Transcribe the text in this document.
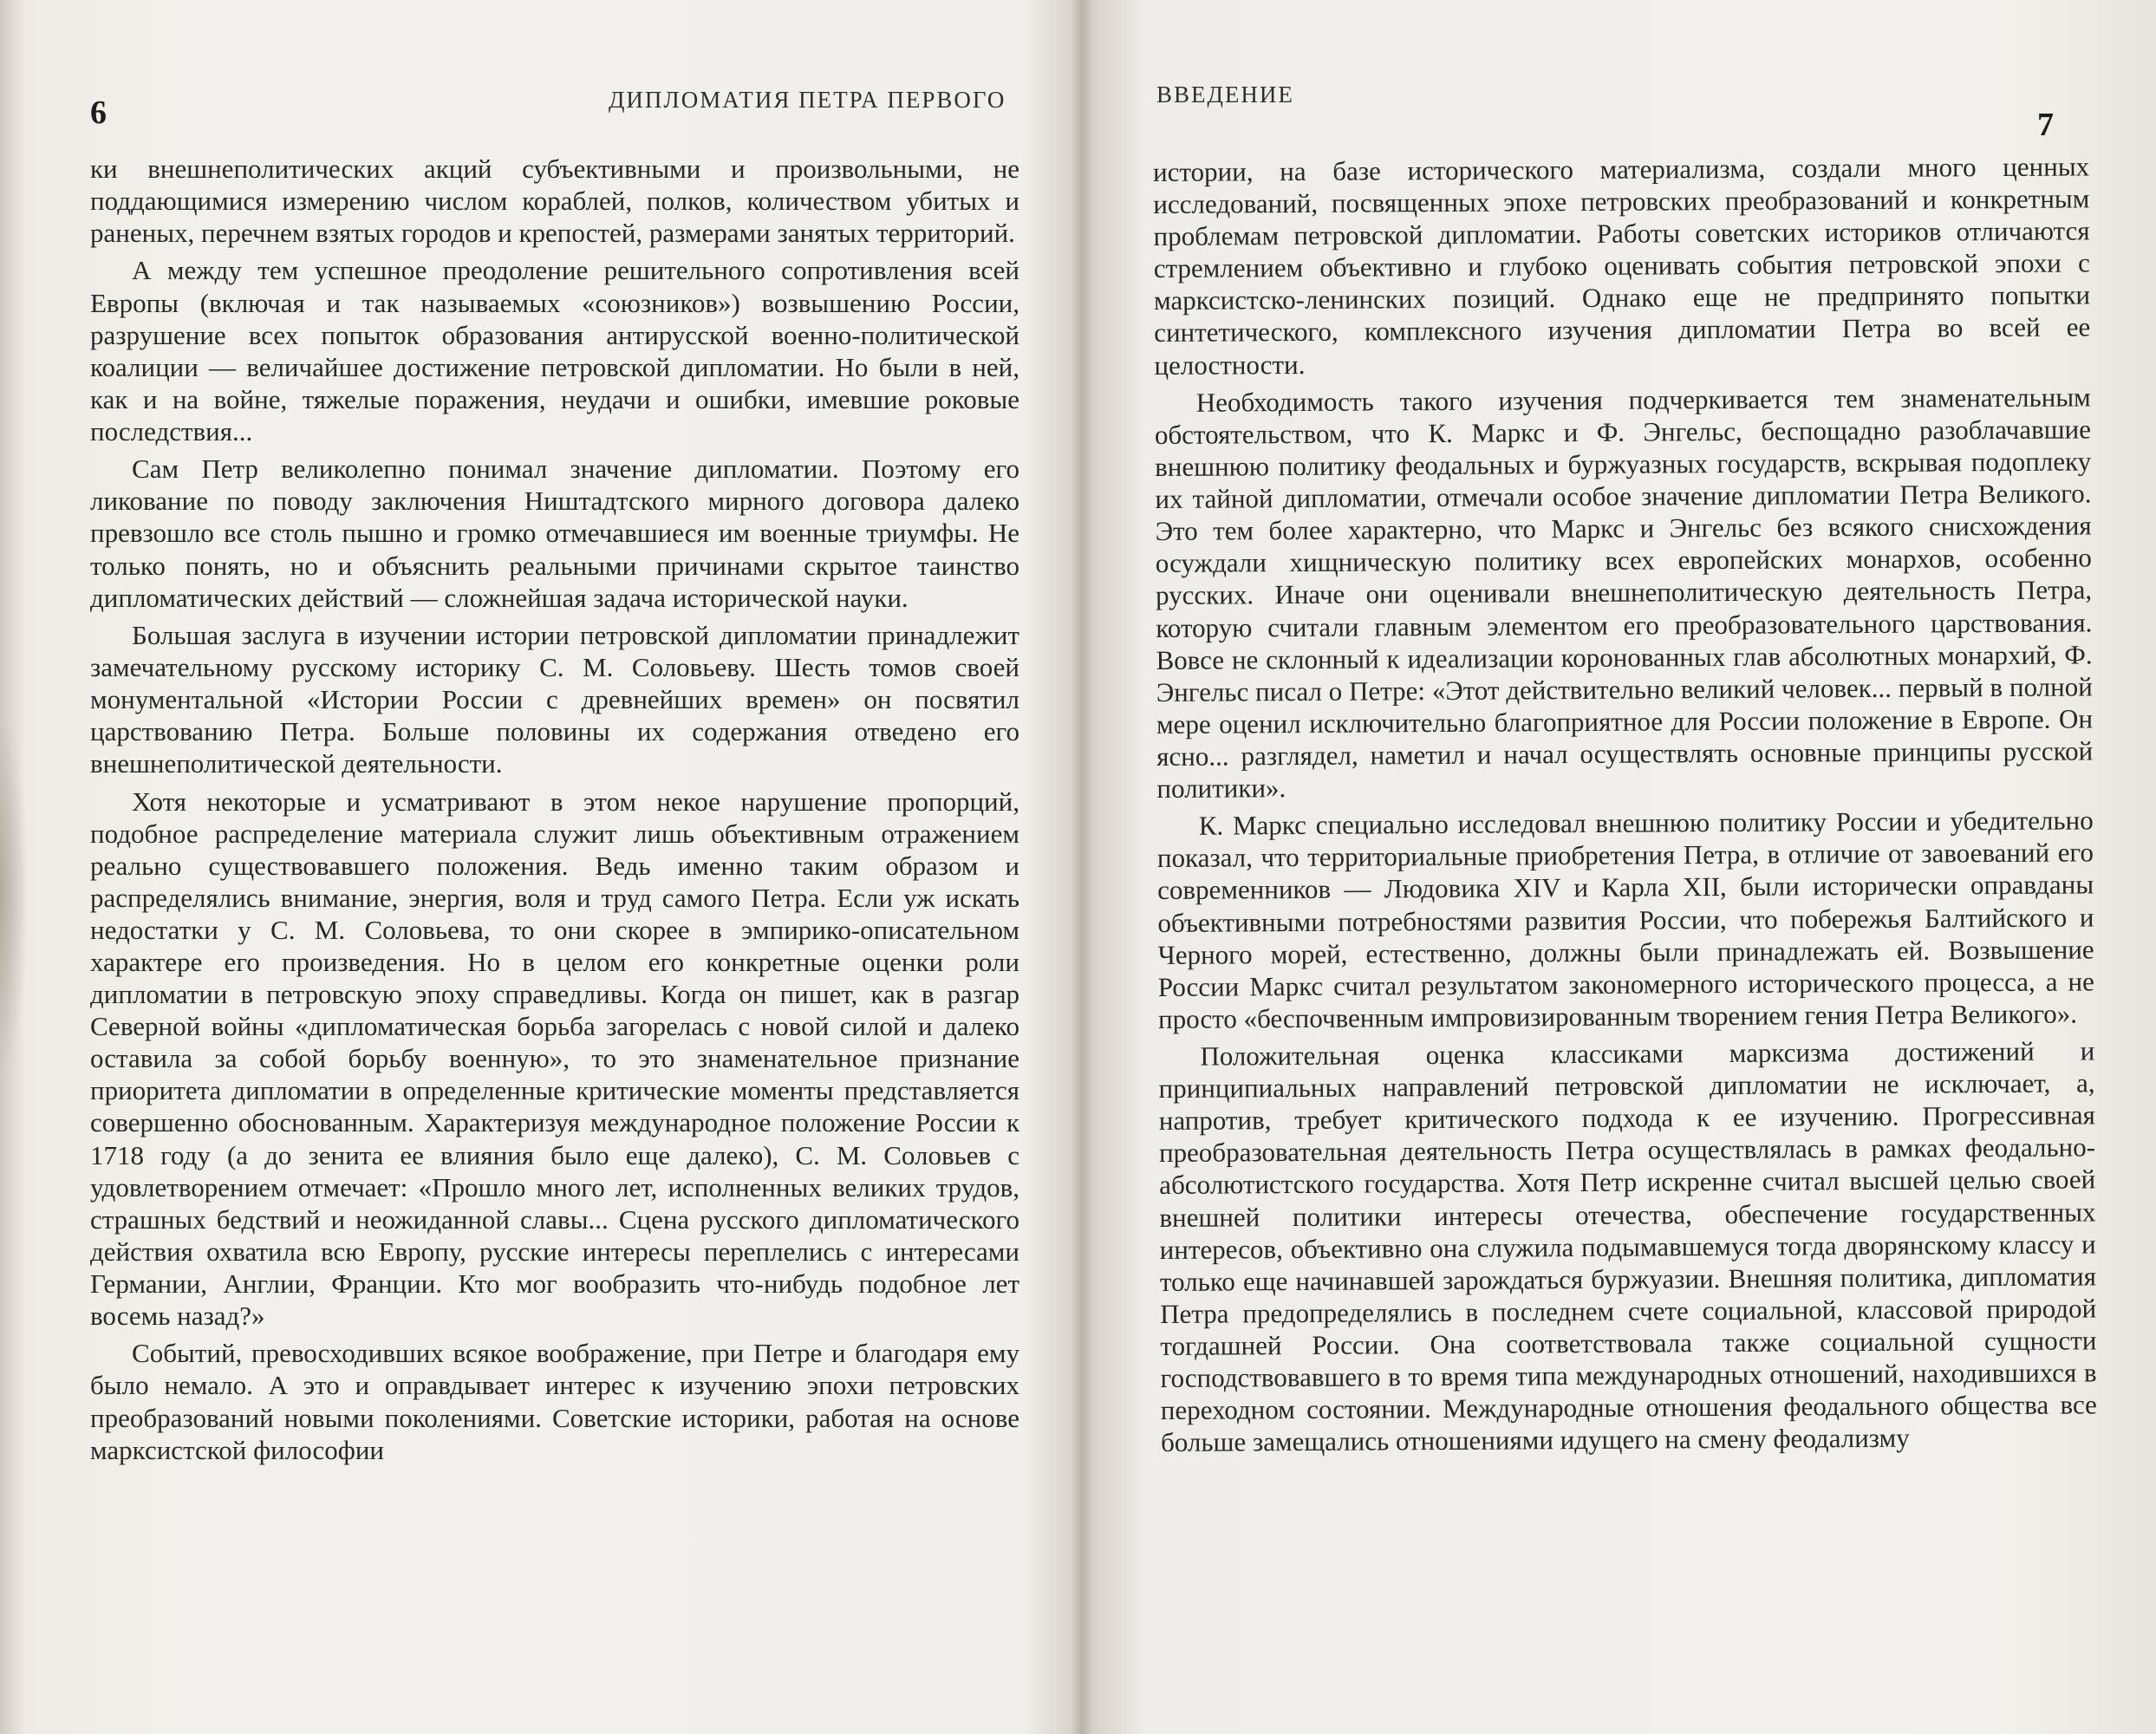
6	ДИПЛОМАТИЯ ПЕТРА ПЕРВОГО

ки внешнеполитических акций субъективными и произвольными, не поддающимися измерению числом кораблей, полков, количеством убитых и раненых, перечнем взятых городов и крепостей, размерами занятых территорий.

А между тем успешное преодоление решительного сопротивления всей Европы (включая и так называемых «союзников») возвышению России, разрушение всех попыток образования антирусской военно-политической коалиции — величайшее достижение петровской дипломатии. Но были в ней, как и на войне, тяжелые поражения, неудачи и ошибки, имевшие роковые последствия...

Сам Петр великолепно понимал значение дипломатии. Поэтому его ликование по поводу заключения Ништадтского мирного договора далеко превзошло все столь пышно и громко отмечавшиеся им военные триумфы. Не только понять, но и объяснить реальными причинами скрытое таинство дипломатических действий — сложнейшая задача исторической науки.

Большая заслуга в изучении истории петровской дипломатии принадлежит замечательному русскому историку С. М. Соловьеву. Шесть томов своей монументальной «Истории России с древнейших времен» он посвятил царствованию Петра. Больше половины их содержания отведено его внешнеполитической деятельности.

Хотя некоторые и усматривают в этом некое нарушение пропорций, подобное распределение материала служит лишь объективным отражением реально существовавшего положения. Ведь именно таким образом и распределялись внимание, энергия, воля и труд самого Петра. Если уж искать недостатки у С. М. Соловьева, то они скорее в эмпирико-описательном характере его произведения. Но в целом его конкретные оценки роли дипломатии в петровскую эпоху справедливы. Когда он пишет, как в разгар Северной войны «дипломатическая борьба загорелась с новой силой и далеко оставила за собой борьбу военную», то это знаменательное признание приоритета дипломатии в определенные критические моменты представляется совершенно обоснованным. Характеризуя международное положение России к 1718 году (а до зенита ее влияния было еще далеко), С. М. Соловьев с удовлетворением отмечает: «Прошло много лет, исполненных великих трудов, страшных бедствий и неожиданной славы... Сцена русского дипломатического действия охватила всю Европу, русские интересы переплелись с интересами Германии, Англии, Франции. Кто мог вообразить что-нибудь подобное лет восемь назад?»

Событий, превосходивших всякое воображение, при Петре и благодаря ему было немало. А это и оправдывает интерес к изучению эпохи петровских преобразований новыми поколениями. Советские историки, работая на основе марксистской философии

ВВЕДЕНИЕ
7

истории, на базе исторического материализма, создали много ценных исследований, посвященных эпохе петровских преобразований и конкретным проблемам петровской дипломатии. Работы советских историков отличаются стремлением объективно и глубоко оценивать события петровской эпохи с марксистско-ленинских позиций. Однако еще не предпринято попытки синтетического, комплексного изучения дипломатии Петра во всей ее целостности.

Необходимость такого изучения подчеркивается тем знаменательным обстоятельством, что К. Маркс и Ф. Энгельс, беспощадно разоблачавшие внешнюю политику феодальных и буржуазных государств, вскрывая подоплеку их тайной дипломатии, отмечали особое значение дипломатии Петра Великого. Это тем более характерно, что Маркс и Энгельс без всякого снисхождения осуждали хищническую политику всех европейских монархов, особенно русских. Иначе они оценивали внешнеполитическую деятельность Петра, которую считали главным элементом его преобразовательного царствования. Вовсе не склонный к идеализации коронованных глав абсолютных монархий, Ф. Энгельс писал о Петре: «Этот действительно великий человек... первый в полной мере оценил исключительно благоприятное для России положение в Европе. Он ясно... разглядел, наметил и начал осуществлять основные принципы русской политики».

К. Маркс специально исследовал внешнюю политику России и убедительно показал, что территориальные приобретения Петра, в отличие от завоеваний его современников — Людовика XIV и Карла XII, были исторически оправданы объективными потребностями развития России, что побережья Балтийского и Черного морей, естественно, должны были принадлежать ей. Возвышение России Маркс считал результатом закономерного исторического процесса, а не просто «беспочвенным импровизированным творением гения Петра Великого».

Положительная оценка классиками марксизма достижений и принципиальных направлений петровской дипломатии не исключает, а, напротив, требует критического подхода к ее изучению. Прогрессивная преобразовательная деятельность Петра осуществлялась в рамках феодально-абсолютистского государства. Хотя Петр искренне считал высшей целью своей внешней политики интересы отечества, обеспечение государственных интересов, объективно она служила подымавшемуся тогда дворянскому классу и только еще начинавшей зарождаться буржуазии. Внешняя политика, дипломатия Петра предопределялись в последнем счете социальной, классовой природой тогдашней России. Она соответствовала также социальной сущности господствовавшего в то время типа международных отношений, находившихся в переходном состоянии. Международные отношения феодального общества все больше замещались отношениями идущего на смену феодализму
